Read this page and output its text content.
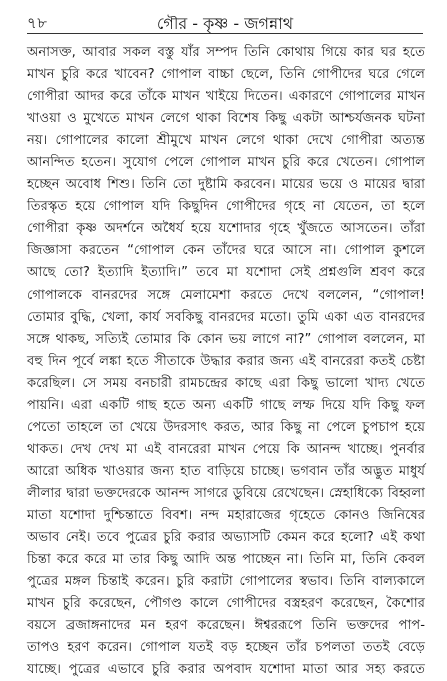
৭৮	গৌর - কৃষ্ণ - জগন্নাথ
অনাসক্ত, আবার সকল বস্তু যাঁর সম্পদ তিনি কোথায় গিয়ে কার ঘর হতে
মাখন চুরি করে খাবেন? গোপাল বাচ্চা ছেলে, তিনি গোপীদের ঘরে গেলে
গোপীরা আদর করে তাঁকে মাখন খাইয়ে দিতেন। একারণে গোপালের মাখন
খাওয়া ও মুখেতে মাখন লেগে থাকা বিশেষ কিছু একটা আশ্চর্যজনক ঘটনা
নয়। গোপালের কালো শ্রীমুখে মাখন লেগে থাকা দেখে গোপীরা অত্যন্ত
আনন্দিত হতেন। সুযোগ পেলে গোপাল মাখন চুরি করে খেতেন। গোপাল
হচ্ছেন অবোধ শিশু। তিনি তো দুষ্টামি করবেন। মায়ের ভয়ে ও মায়ের দ্বারা
তিরস্কৃত হয়ে গোপাল যদি কিছুদিন গোপীদের গৃহে না যেতেন, তা হলে
গোপীরা কৃষ্ণ অদর্শনে অধৈর্য হয়ে যশোদার গৃহে খুঁজতে আসতেন। তাঁরা
জিজ্ঞাসা করতেন “গোপাল কেন তাঁদের ঘরে আসে না। গোপাল কুশলে
আছে তো? ইত্যাদি ইত্যাদি।” তবে মা যশোদা সেই প্রশ্নগুলি শ্রবণ করে
গোপালকে বানরদের সঙ্গে মেলামেশা করতে দেখে বললেন, “গোপাল!
তোমার বুদ্ধি, খেলা, কার্য সবকিছু বানরদের মতো। তুমি একা এত বানরদের
সঙ্গে থাকছ, সত্যিই তোমার কি কোন ভয় লাগে না?” গোপাল বললেন, মা
বহু দিন পূর্বে লঙ্কা হতে সীতাকে উদ্ধার করার জন্য এই বানরেরা কতই চেষ্টা
করেছিল। সে সময় বনচারী রামচন্দ্রের কাছে এরা কিছু ভালো খাদ্য খেতে
পায়নি। এরা একটি গাছ হতে অন্য একটি গাছে লম্ফ দিয়ে যদি কিছু ফল
পেতো তাহলে তা খেয়ে উদরসাৎ করত, আর কিছু না পেলে চুপচাপ হয়ে
থাকত। দেখ দেখ মা এই বানরেরা মাখন পেয়ে কি আনন্দ খাচ্ছে। পুনর্বার
আরো অধিক খাওয়ার জন্য হাত বাড়িয়ে চাচ্ছে। ভগবান তাঁর অদ্ভুত মাধুর্য
লীলার দ্বারা ভক্তদেরকে আনন্দ সাগরে ডুবিয়ে রেখেছেন। স্নেহাধিক্যে বিহ্বলা
মাতা যশোদা দুশ্চিন্তাতে বিবশ। নন্দ মহারাজের গৃহেতে কোনও জিনিষের
অভাব নেই। তবে পুত্রের চুরি করার অভ্যাসটি কেমন করে হলো? এই কথা
চিন্তা করে করে মা তার কিছু আদি অন্ত পাচ্ছেন না। তিনি মা, তিনি কেবল
পুত্রের মঙ্গল চিন্তাই করেন। চুরি করাটা গোপালের স্বভাব। তিনি বাল্যকালে
মাখন চুরি করেছেন, পৌগণ্ড কালে গোপীদের বস্ত্রহরণ করেছেন, কৈশোর
বয়সে ব্রজাঙ্গনাদের মন হরণ করেছেন। ঈশ্বররূপে তিনি ভক্তদের পাপ-
তাপও হরণ করেন। গোপাল যতই বড় হচ্ছেন তাঁর চপলতা ততই বেড়ে
যাচ্ছে। পুত্রের এভাবে চুরি করার অপবাদ যশোদা মাতা আর সহ্য করতে
